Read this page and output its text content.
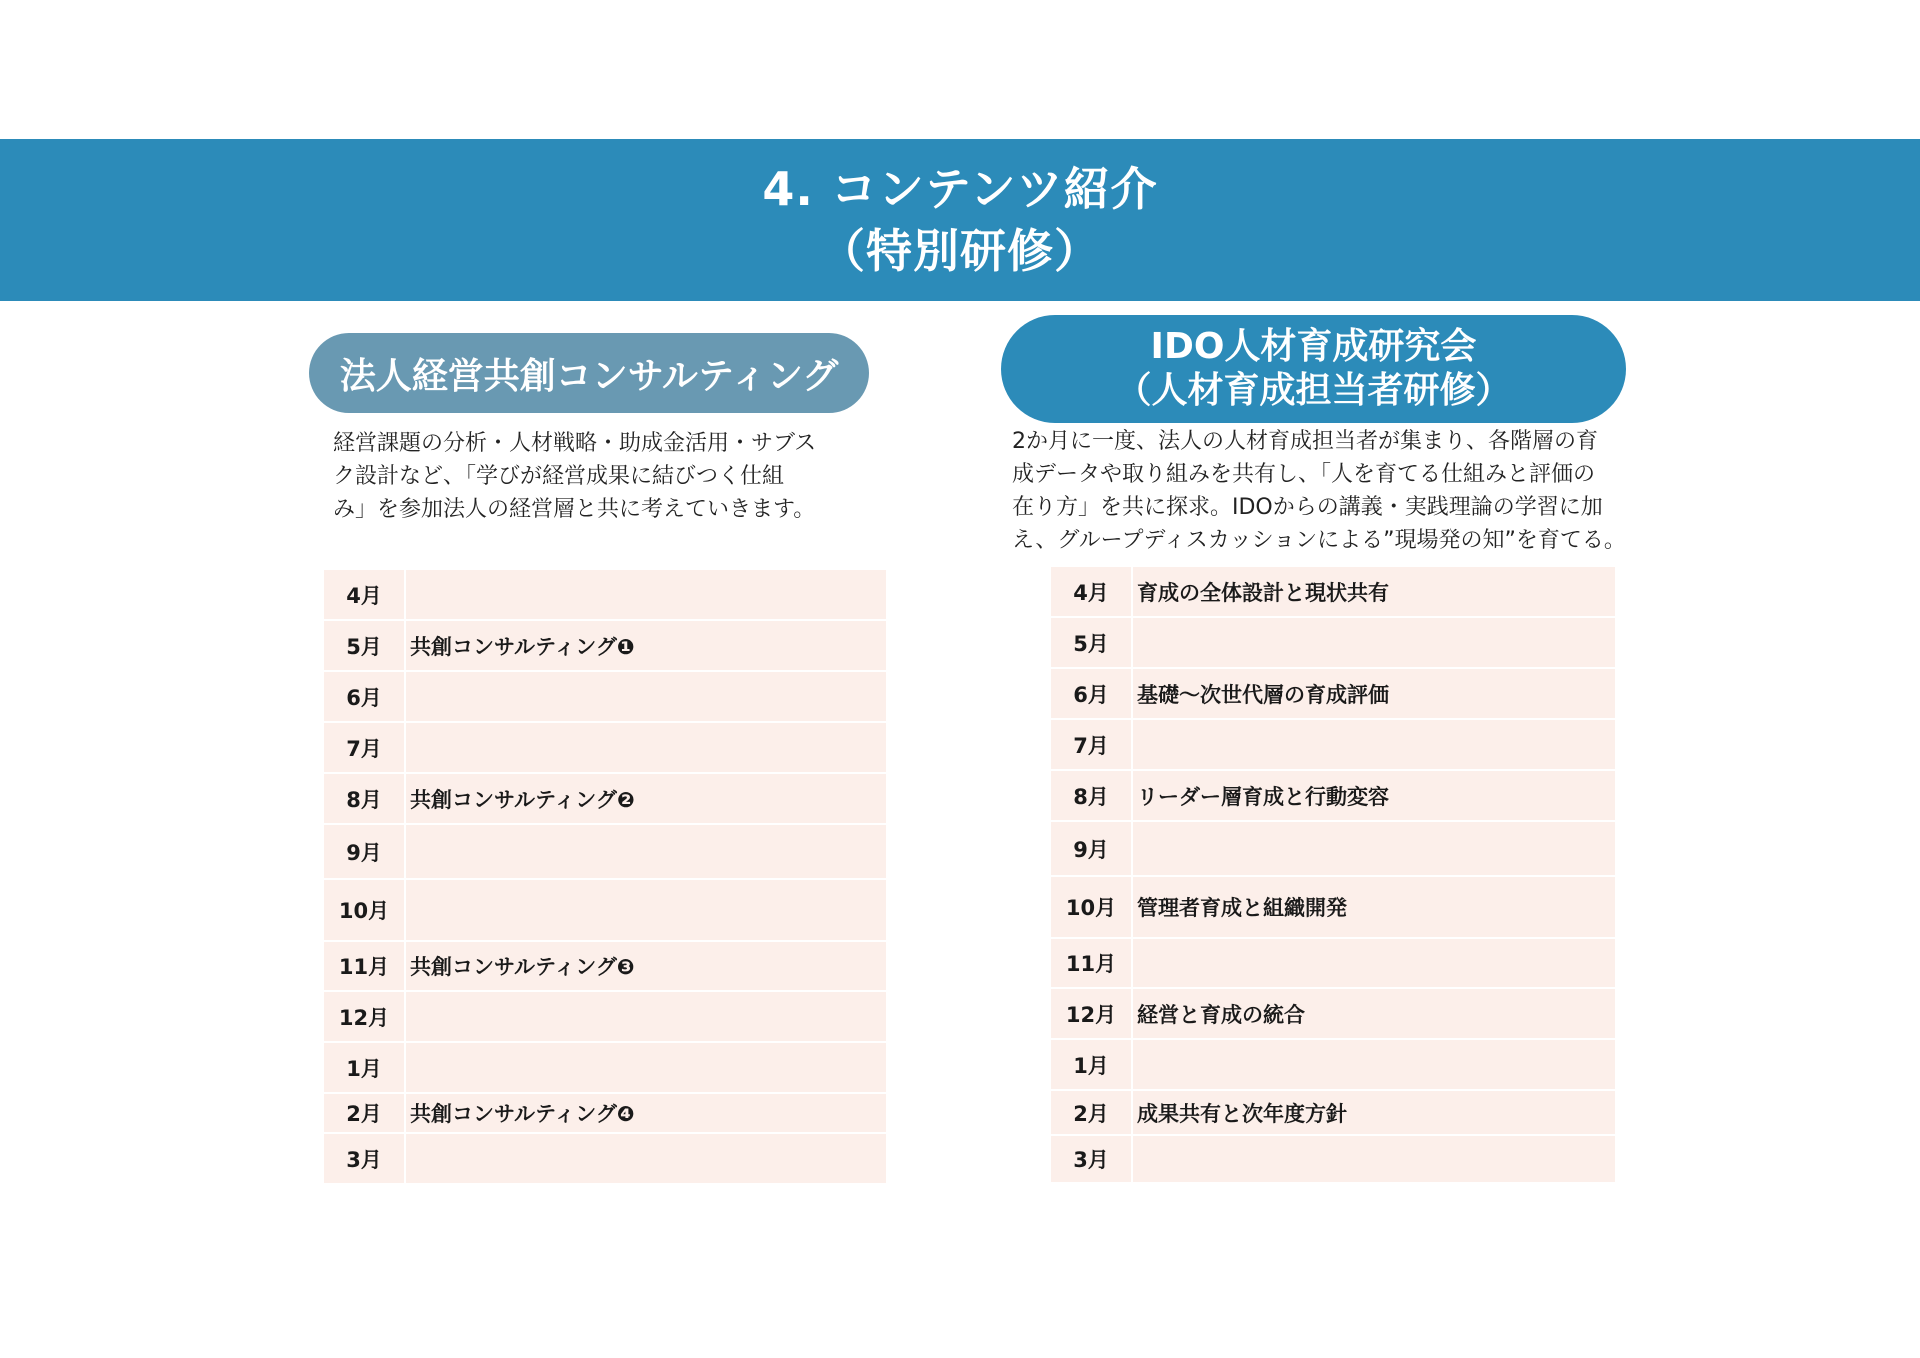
4. コンテンツ紹介
（特別研修）
法人経営共創コンサルティング
IDO人材育成研究会
（人材育成担当者研修）
経営課題の分析・人材戦略・助成金活用・サブス
ク設計など、「学びが経営成果に結びつく仕組
み」を参加法人の経営層と共に考えていきます。
2か月に一度、法人の人材育成担当者が集まり、各階層の育
成データや取り組みを共有し、「人を育てる仕組みと評価の
在り方」を共に探求。IDOからの講義・実践理論の学習に加
え、グループディスカッションによる”現場発の知”を育てる。
4月	
5月	共創コンサルティング❶
6月	
7月	
8月	共創コンサルティング❷
9月	
10月	
11月	共創コンサルティング❸
12月	
1月	
2月	共創コンサルティング❹
3月	
4月	育成の全体設計と現状共有
5月	
6月	基礎～次世代層の育成評価
7月	
8月	リーダー層育成と行動変容
9月	
10月	管理者育成と組織開発
11月	
12月	経営と育成の統合
1月	
2月	成果共有と次年度方針
3月	
